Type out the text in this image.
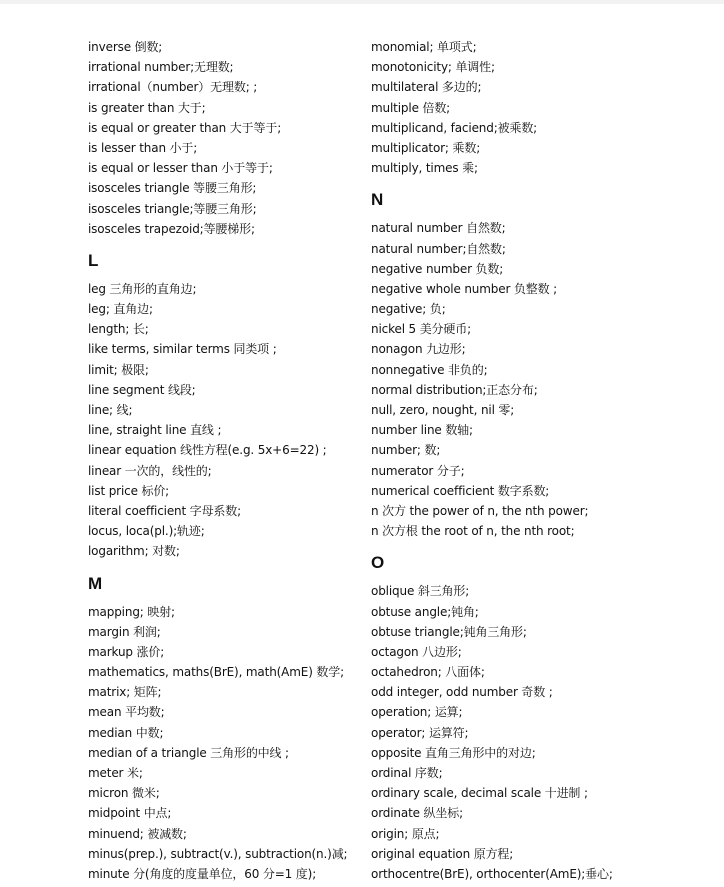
inverse 倒数;
irrational number;无理数;
irrational（number）无理数; ;
is greater than 大于;
is equal or greater than 大于等于;
is lesser than 小于;
is equal or lesser than 小于等于;
isosceles triangle 等腰三角形;
isosceles triangle;等腰三角形;
isosceles trapezoid;等腰梯形;
L
leg 三角形的直角边;
leg; 直角边;
length; 长;
like terms, similar terms 同类项 ;
limit; 极限;
line segment 线段;
line; 线;
line, straight line 直线 ;
linear equation 线性方程(e.g. 5x+6=22) ;
linear 一次的，线性的;
list price 标价;
literal coefficient 字母系数;
locus, loca(pl.);轨迹;
logarithm; 对数;
M
mapping; 映射;
margin 利润;
markup 涨价;
mathematics, maths(BrE), math(AmE) 数学;
matrix; 矩阵;
mean 平均数;
median 中数;
median of a triangle 三角形的中线 ;
meter 米;
micron 微米;
midpoint 中点;
minuend; 被减数;
minus(prep.), subtract(v.), subtraction(n.)减;
minute 分(角度的度量单位，60 分=1 度);
monomial; 单项式;
monotonicity; 单调性;
multilateral 多边的;
multiple 倍数;
multiplicand, faciend;被乘数;
multiplicator; 乘数;
multiply, times 乘;
N
natural number 自然数;
natural number;自然数;
negative number 负数;
negative whole number 负整数 ;
negative; 负;
nickel 5 美分硬币;
nonagon 九边形;
nonnegative 非负的;
normal distribution;正态分布;
null, zero, nought, nil 零;
number line 数轴;
number; 数;
numerator 分子;
numerical coefficient 数字系数;
n 次方 the power of n, the nth power;
n 次方根 the root of n, the nth root;
O
oblique 斜三角形;
obtuse angle;钝角;
obtuse triangle;钝角三角形;
octagon 八边形;
octahedron; 八面体;
odd integer, odd number 奇数 ;
operation; 运算;
operator; 运算符;
opposite 直角三角形中的对边;
ordinal 序数;
ordinary scale, decimal scale 十进制 ;
ordinate 纵坐标;
origin; 原点;
original equation 原方程;
orthocentre(BrE), orthocenter(AmE);垂心;
